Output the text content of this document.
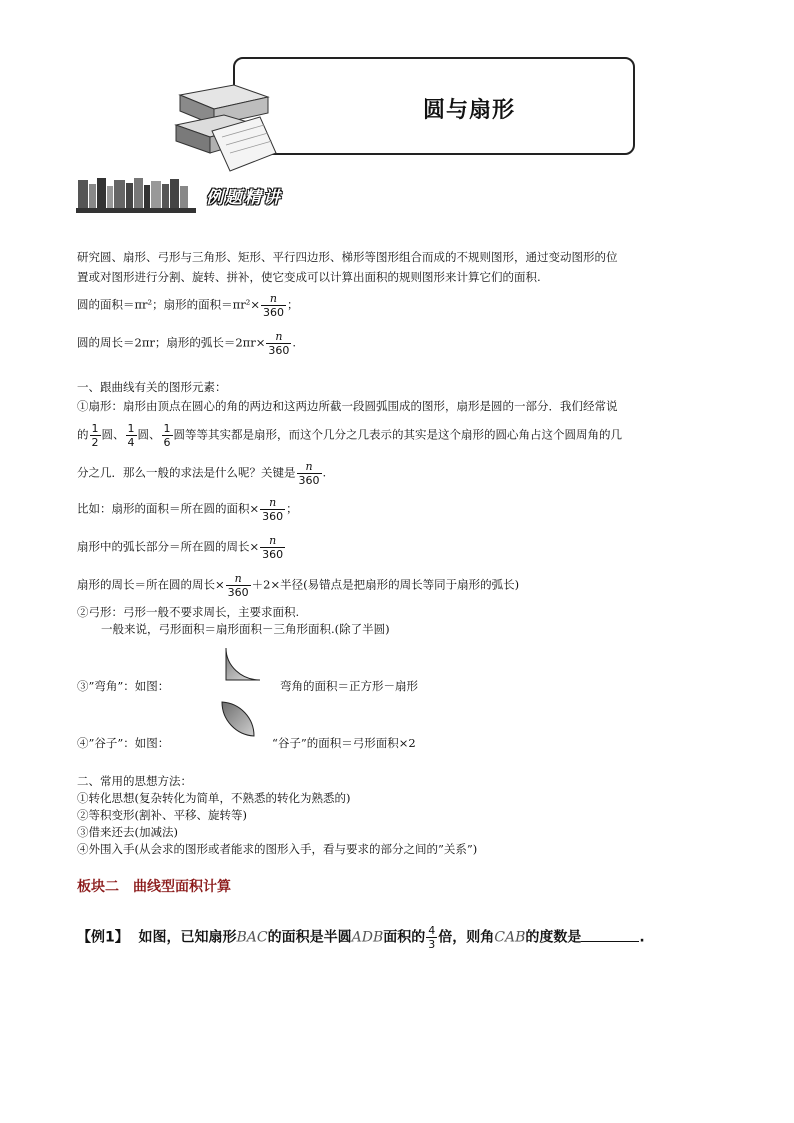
圆与扇形
例题精讲
研究圆、扇形、弓形与三角形、矩形、平行四边形、梯形等图形组合而成的不规则图形，通过变动图形的位
置或对图形进行分割、旋转、拼补，使它变成可以计算出面积的规则图形来计算它们的面积.
圆的面积＝πr²；扇形的面积$=\pi r^2\times \frac{n}{360}$ ；
圆的周长＝2πr；扇形的弧长$=2\pi r\times \frac{n}{360}$ .
一、跟曲线有关的图形元素：
①扇形：扇形由顶点在圆心的角的两边和这两边所截一段圆弧围成的图形，扇形是圆的一部分．我们经常说
的 $\frac{1}{2}$ 圆、 $\frac{1}{4}$ 圆、 $\frac{1}{6}$ 圆等等其实都是扇形，而这个几分之几表示的其实是这个扇形的圆心角占这个圆周角的几
分之几．那么一般的求法是什么呢？关键是 $\frac{n}{360}$ .
比如：扇形的面积＝所在圆的面积× $\frac{n}{360}$ ；
扇形中的弧长部分＝所在圆的周长× $\frac{n}{360}$
扇形的周长＝所在圆的周长× $\frac{n}{360} +2\times$半径(易错点是把扇形的周长等同于扇形的弧长)
②弓形：弓形一般不要求周长，主要求面积.
一般来说，弓形面积＝扇形面积－三角形面积.(除了半圆)
③”弯角”：如图：	弯角的面积＝正方形－扇形
④”谷子”：如图：	“谷子”的面积＝弓形面积×2
二、常用的思想方法：
①转化思想(复杂转化为简单，不熟悉的转化为熟悉的)
②等积变形(割补、平移、旋转等)
③借来还去(加减法)
④外围入手(从会求的图形或者能求的图形入手，看与要求的部分之间的”关系”)
板块二 曲线型面积计算
【例1】 如图，已知扇形BAC的面积是半圆ADB面积的 $\frac{4}{3}$ 倍，则角CAB的度数是	.
